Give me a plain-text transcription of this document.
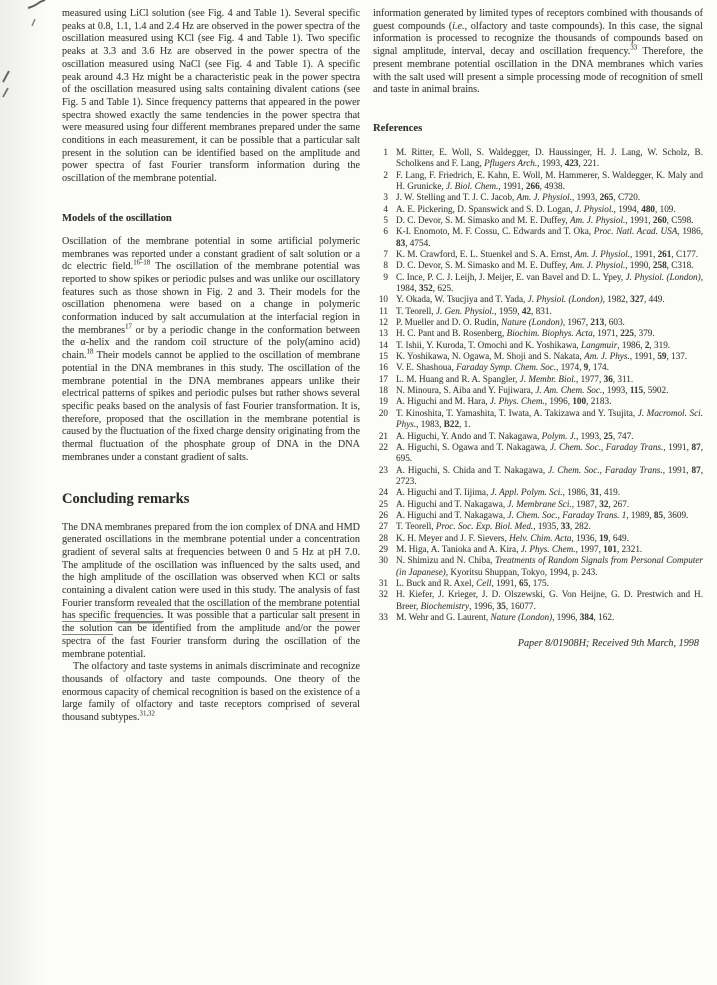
measured using LiCl solution (see Fig. 4 and Table 1). Several specific peaks at 0.8, 1.1, 1.4 and 2.4 Hz are observed in the power spectra of the oscillation measured using KCl (see Fig. 4 and Table 1). Two specific peaks at 3.3 and 3.6 Hz are observed in the power spectra of the oscillation measured using NaCl (see Fig. 4 and Table 1). A specific peak around 4.3 Hz might be a characteristic peak in the power spectra of the oscillation measured using salts containing divalent cations (see Fig. 5 and Table 1). Since frequency patterns that appeared in the power spectra showed exactly the same tendencies in the power spectra that were measured using four different membranes prepared under the same conditions in each measurement, it can be possible that a particular salt present in the solution can be identified based on the amplitude and power spectra of fast Fourier transform information during the oscillation of the membrane potential.

Models of the oscillation

Oscillation of the membrane potential in some artificial polymeric membranes was reported under a constant gradient of salt solution or a dc electric field.$^{16-18}$ The oscillation of the membrane potential was reported to show spikes or periodic pulses and was unlike our oscillatory features such as those shown in Fig. 2 and 3. Their models for the oscillation phenomena were based on a change in polymeric conformation induced by salt accumulation at the interfacial region in the membranes$^{17}$ or by a periodic change in the conformation between the α-helix and the random coil structure of the poly(amino acid) chain.$^{18}$ Their models cannot be applied to the oscillation of membrane potential in the DNA membranes in this study. The oscillation of the membrane potential in the DNA membranes appears unlike their electrical patterns of spikes and periodic pulses but rather shows several specific peaks based on the analysis of fast Fourier transformation. It is, therefore, proposed that the oscillation in the membrane potential is caused by the fluctuation of the fixed charge density originating from the thermal fluctuation of the phosphate group of DNA in the DNA membranes under a constant gradient of salts.

Concluding remarks

The DNA membranes prepared from the ion complex of DNA and HMD generated oscillations in the membrane potential under a concentration gradient of several salts at frequencies between 0 and 5 Hz at pH 7.0. The amplitude of the oscillation was influenced by the salts used, and the high amplitude of the oscillation was observed when KCl or salts containing a divalent cation were used in this study. The analysis of fast Fourier transform revealed that the oscillation of the membrane potential has specific frequencies. It was possible that a particular salt present in the solution can be identified from the amplitude and/or the power spectra of the fast Fourier transform during the oscillation of the membrane potential.

The olfactory and taste systems in animals discriminate and recognize thousands of olfactory and taste compounds. One theory of the enormous capacity of chemical recognition is based on the existence of a large family of olfactory and taste receptors comprised of several thousand subtypes.$^{31,32}$

information generated by limited types of receptors combined with thousands of guest compounds (i.e., olfactory and taste compounds). In this case, the signal information is processed to recognize the thousands of compounds based on signal amplitude, interval, decay and oscillation frequency.$^{33}$ Therefore, the present membrane potential oscillation in the DNA membranes which varies with the salt used will present a simple processing mode of recognition of smell and taste in animal brains.

References
1 M. Ritter, E. Woll, S. Waldegger, D. Haussinger, H. J. Lang, W. Scholz, B. Scholkens and F. Lang, Pflugers Arch., 1993, 423, 221.
2 F. Lang, F. Friedrich, E. Kahn, E. Woll, M. Hammerer, S. Waldegger, K. Maly and H. Grunicke, J. Biol. Chem., 1991, 266, 4938.
3 J. W. Stelling and T. J. C. Jacob, Am. J. Physiol., 1993, 265, C720.
4 A. E. Pickering, D. Spanswick and S. D. Logan, J. Physiol., 1994, 480, 109.
5 D. C. Devor, S. M. Simasko and M. E. Duffey, Am. J. Physiol., 1991, 260, C598.
6 K-I. Enomoto, M. F. Cossu, C. Edwards and T. Oka, Proc. Natl. Acad. USA, 1986, 83, 4754.
7 K. M. Crawford, E. L. Stuenkel and S. A. Ernst, Am. J. Physiol., 1991, 261, C177.
8 D. C. Devor, S. M. Simasko and M. E. Duffey, Am. J. Physiol., 1990, 258, C318.
9 C. Ince, P. C. J. Leijh, J. Meijer, E. van Bavel and D. L. Ypey, J. Physiol. (London), 1984, 352, 625.
10 Y. Okada, W. Tsucjiya and T. Yada, J. Physiol. (London), 1982, 327, 449.
11 T. Teorell, J. Gen. Physiol., 1959, 42, 831.
12 P. Mueller and D. O. Rudin, Nature (London), 1967, 213, 603.
13 H. C. Pant and B. Rosenberg, Biochim. Biophys. Acta, 1971, 225, 379.
14 T. Ishii, Y. Kuroda, T. Omochi and K. Yoshikawa, Langmuir, 1986, 2, 319.
15 K. Yoshikawa, N. Ogawa, M. Shoji and S. Nakata, Am. J. Phys., 1991, 59, 137.
16 V. E. Shashoua, Faraday Symp. Chem. Soc., 1974, 9, 174.
17 L. M. Huang and R. A. Spangler, J. Membr. Biol., 1977, 36, 311.
18 N. Minoura, S. Aiba and Y. Fujiwara, J. Am. Chem. Soc., 1993, 115, 5902.
19 A. Higuchi and M. Hara, J. Phys. Chem., 1996, 100, 2183.
20 T. Kinoshita, T. Yamashita, T. Iwata, A. Takizawa and Y. Tsujita, J. Macromol. Sci. Phys., 1983, B22, 1.
21 A. Higuchi, Y. Ando and T. Nakagawa, Polym. J., 1993, 25, 747.
22 A. Higuchi, S. Ogawa and T. Nakagawa, J. Chem. Soc., Faraday Trans., 1991, 87, 695.
23 A. Higuchi, S. Chida and T. Nakagawa, J. Chem. Soc., Faraday Trans., 1991, 87, 2723.
24 A. Higuchi and T. Iijima, J. Appl. Polym. Sci., 1986, 31, 419.
25 A. Higuchi and T. Nakagawa, J. Membrane Sci., 1987, 32, 267.
26 A. Higuchi and T. Nakagawa, J. Chem. Soc., Faraday Trans. 1, 1989, 85, 3609.
27 T. Teorell, Proc. Soc. Exp. Biol. Med., 1935, 33, 282.
28 K. H. Meyer and J. F. Sievers, Helv. Chim. Acta, 1936, 19, 649.
29 M. Higa, A. Tanioka and A. Kira, J. Phys. Chem., 1997, 101, 2321.
30 N. Shimizu and N. Chiba, Treatments of Random Signals from Personal Computer (in Japanese), Kyoritsu Shuppan, Tokyo, 1994, p. 243.
31 L. Buck and R. Axel, Cell, 1991, 65, 175.
32 H. Kiefer, J. Krieger, J. D. Olszewski, G. Von Heijne, G. D. Prestwich and H. Breer, Biochemistry, 1996, 35, 16077.
33 M. Wehr and G. Laurent, Nature (London), 1996, 384, 162.
Paper 8/01908H; Received 9th March, 1998
